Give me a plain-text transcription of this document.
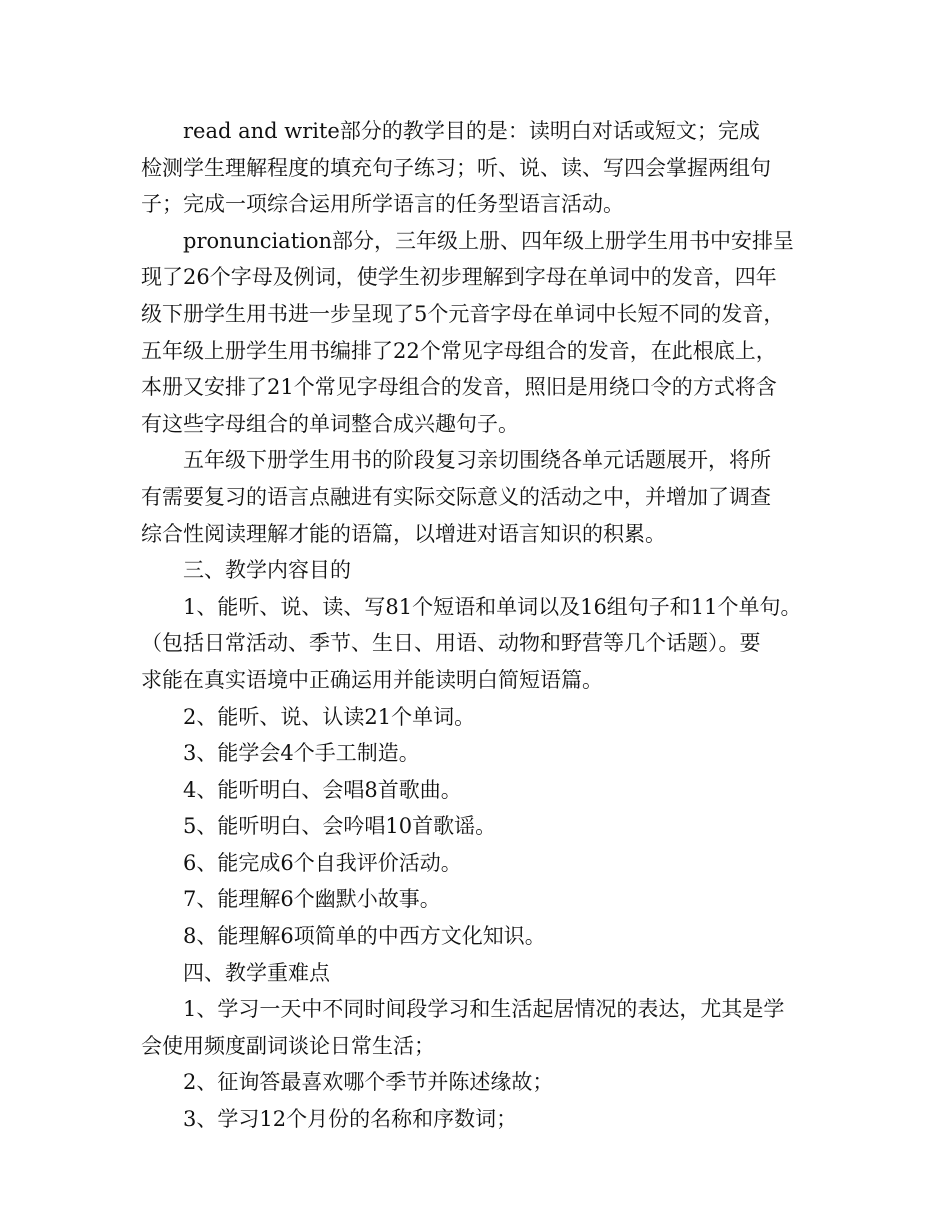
read and write部分的教学目的是：读明白对话或短文；完成
检测学生理解程度的填充句子练习；听、说、读、写四会掌握两组句
子；完成一项综合运用所学语言的任务型语言活动。
pronunciation部分，三年级上册、四年级上册学生用书中安排呈
现了26个字母及例词，使学生初步理解到字母在单词中的发音，四年
级下册学生用书进一步呈现了5个元音字母在单词中长短不同的发音，
五年级上册学生用书编排了22个常见字母组合的发音，在此根底上，
本册又安排了21个常见字母组合的发音，照旧是用绕口令的方式将含
有这些字母组合的单词整合成兴趣句子。
五年级下册学生用书的阶段复习亲切围绕各单元话题展开，将所
有需要复习的语言点融进有实际交际意义的活动之中，并增加了调查
综合性阅读理解才能的语篇，以增进对语言知识的积累。
三、教学内容目的
1、能听、说、读、写81个短语和单词以及16组句子和11个单句。
（包括日常活动、季节、生日、用语、动物和野营等几个话题）。要
求能在真实语境中正确运用并能读明白简短语篇。
2、能听、说、认读21个单词。
3、能学会4个手工制造。
4、能听明白、会唱8首歌曲。
5、能听明白、会吟唱10首歌谣。
6、能完成6个自我评价活动。
7、能理解6个幽默小故事。
8、能理解6项简单的中西方文化知识。
四、教学重难点
1、学习一天中不同时间段学习和生活起居情况的表达，尤其是学
会使用频度副词谈论日常生活；
2、征询答最喜欢哪个季节并陈述缘故；
3、学习12个月份的名称和序数词；
